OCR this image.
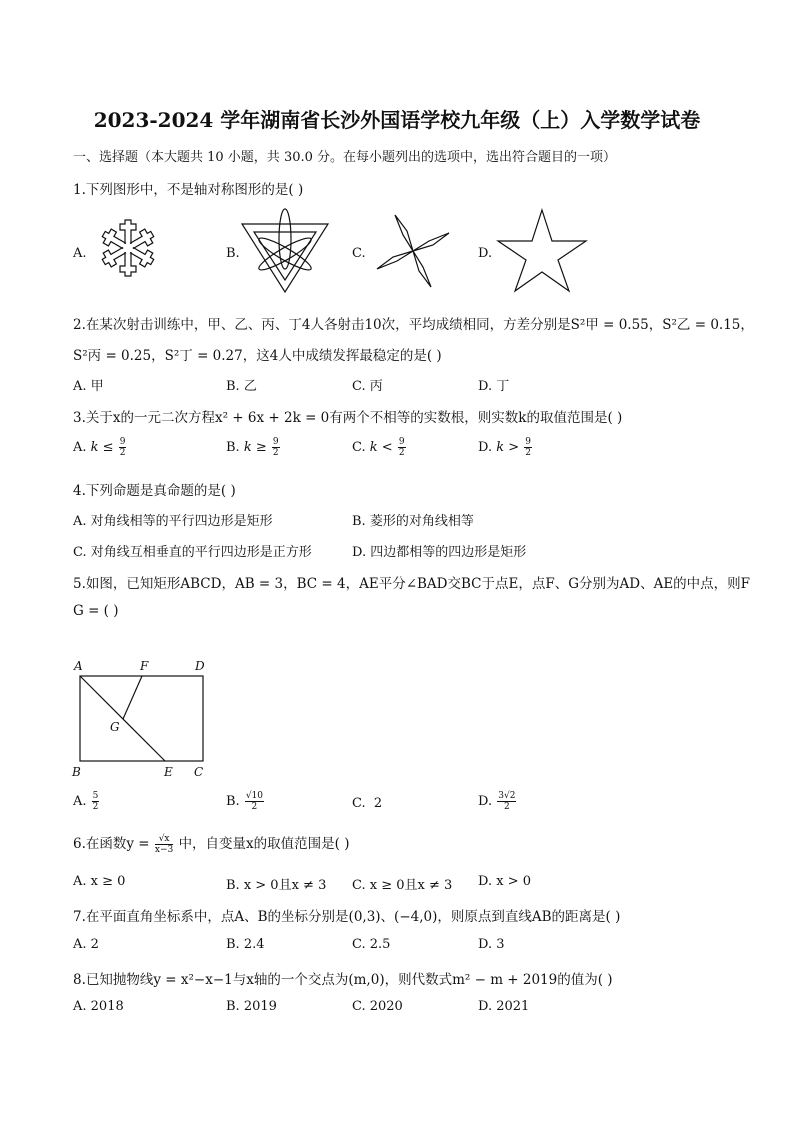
2023-2024 学年湖南省长沙外国语学校九年级（上）入学数学试卷
一、选择题（本大题共 10 小题，共 30.0 分。在每小题列出的选项中，选出符合题目的一项）
1.下列图形中，不是轴对称图形的是( )
A.	B.	C.	D.
2.在某次射击训练中，甲、乙、丙、丁4人各射击10次，平均成绩相同，方差分别是S²甲 = 0.55，S²乙 = 0.15，
S²丙 = 0.25，S²丁 = 0.27，这4人中成绩发挥最稳定的是( )
A. 甲	B. 乙	C. 丙	D. 丁
3.关于x的一元二次方程x² + 6x + 2k = 0有两个不相等的实数根，则实数k的取值范围是( )
A. $k \le \frac{9}{2}$	B. $k \ge \frac{9}{2}$	C. $k < \frac{9}{2}$	D. $k > \frac{9}{2}$
4.下列命题是真命题的是( )
A. 对角线相等的平行四边形是矩形	B. 菱形的对角线相等
C. 对角线互相垂直的平行四边形是正方形	D. 四边都相等的四边形是矩形
5.如图，已知矩形ABCD，AB = 3，BC = 4，AE平分∠BAD交BC于点E，点F、G分别为AD、AE的中点，则F
G = ( )
A	D
F
G
B	E C
A. $\frac{5}{2}$	B. $\frac{√10}{2}$	C. 2	D. $\frac{3√2}{2}$
6.在函数$y = \frac{√x}{x-3}$ 中，自变量x的取值范围是( )
A. x ≥ 0	B. x > 0且x ≠ 3 C. x ≥ 0且x ≠ 3 D. x > 0
7.在平面直角坐标系中，点A、B的坐标分别是(0,3)、(−4,0)，则原点到直线AB的距离是( )
A. 2	B. 2.4	C. 2.5	D. 3
8.已知抛物线y = x²−x−1与x轴的一个交点为(m,0)，则代数式m² − m + 2019的值为( )
A. 2018	B. 2019	C. 2020	D. 2021
